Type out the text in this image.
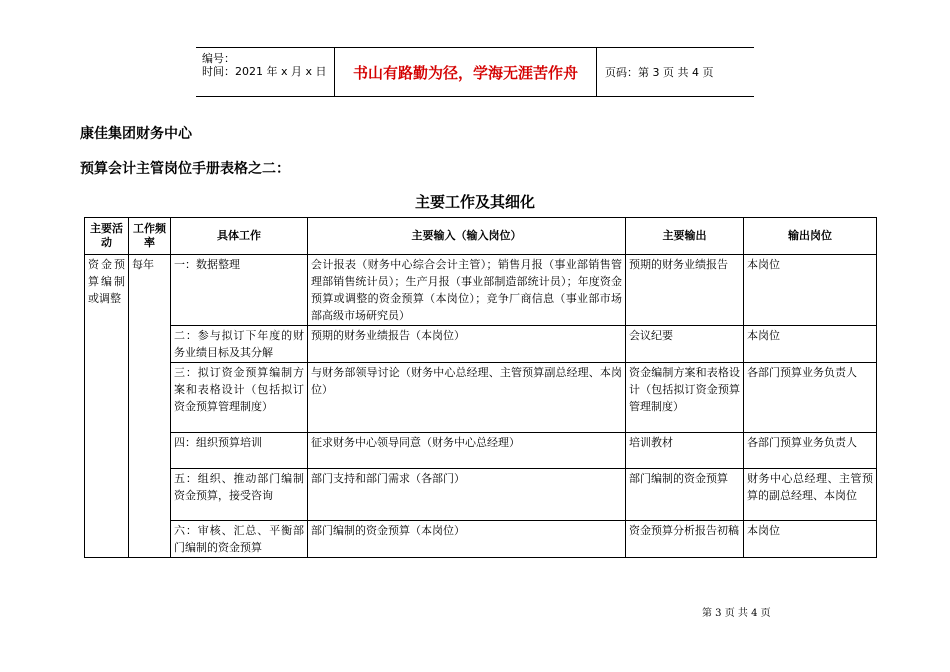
编号：
时间：2021 年 x 月 x 日	书山有路勤为径，学海无涯苦作舟	页码：第 3 页 共 4 页
康佳集团财务中心
预算会计主管岗位手册表格之二：
主要工作及其细化
主要活动	工作频率	具体工作	主要输入（输入岗位）	主要输出	输出岗位
资金预算编制或调整	每年	一：数据整理	会计报表（财务中心综合会计主管）；销售月报（事业部销售管理部销售统计员）；生产月报（事业部制造部统计员）；年度资金预算或调整的资金预算（本岗位）；竞争厂商信息（事业部市场部高级市场研究员）	预期的财务业绩报告	本岗位
		二：参与拟订下年度的财务业绩目标及其分解	预期的财务业绩报告（本岗位）	会议纪要	本岗位
		三：拟订资金预算编制方案和表格设计（包括拟订资金预算管理制度）	与财务部领导讨论（财务中心总经理、主管预算副总经理、本岗位）	资金编制方案和表格设计（包括拟订资金预算管理制度）	各部门预算业务负责人
		四：组织预算培训	征求财务中心领导同意（财务中心总经理）	培训教材	各部门预算业务负责人
		五：组织、推动部门编制资金预算，接受咨询	部门支持和部门需求（各部门）	部门编制的资金预算	财务中心总经理、主管预算的副总经理、本岗位
		六：审核、汇总、平衡部门编制的资金预算	部门编制的资金预算（本岗位）	资金预算分析报告初稿	本岗位
第 3 页 共 4 页
